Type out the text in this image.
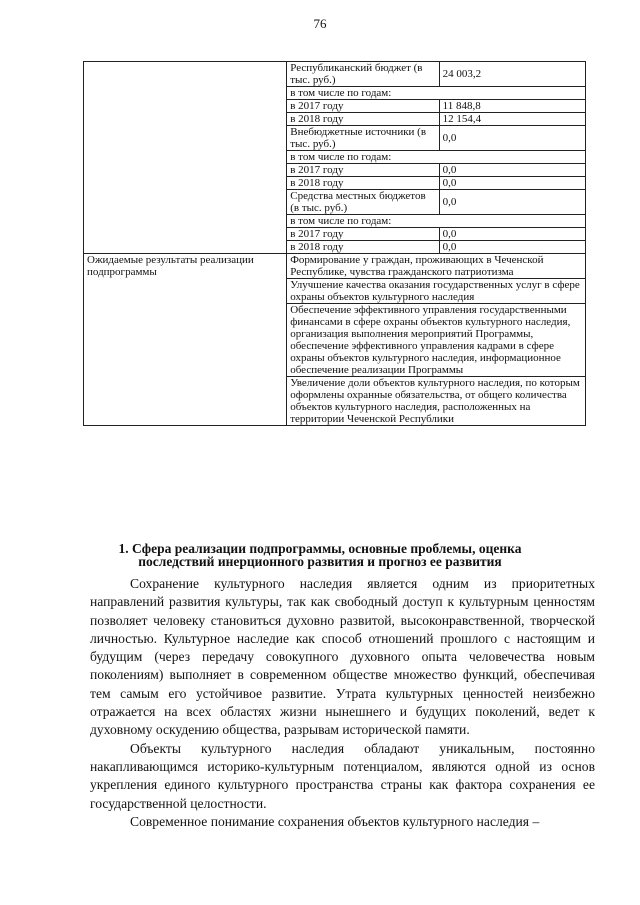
76
	Республиканский бюджет (в тыс. руб.)	24 003,2
	в том числе по годам:	
	в 2017 году	11 848,8
	в 2018 году	12 154,4
	Внебюджетные источники (в тыс. руб.)	0,0
	в том числе по годам:	
	в 2017 году	0,0
	в 2018 году	0,0
	Средства местных бюджетов (в тыс. руб.)	0,0
	в том числе по годам:	
	в 2017 году	0,0
	в 2018 году	0,0
Ожидаемые результаты реализации подпрограммы	Формирование у граждан, проживающих в Чеченской Республике, чувства гражданского патриотизма	
	Улучшение качества оказания государственных услуг в сфере охраны объектов культурного наследия	
	Обеспечение эффективного управления государственными финансами в сфере охраны объектов культурного наследия, организация выполнения мероприятий Программы, обеспечение эффективного управления кадрами в сфере охраны объектов культурного наследия, информационное обеспечение реализации Программы	
	Увеличение доли объектов культурного наследия, по которым оформлены охранные обязательства, от общего количества объектов культурного наследия, расположенных на территории Чеченской Республики	
1. Сфера реализации подпрограммы, основные проблемы, оценка последствий инерционного развития и прогноз ее развития

Сохранение культурного наследия является одним из приоритетных направлений развития культуры, так как свободный доступ к культурным ценностям позволяет человеку становиться духовно развитой, высоконравственной, творческой личностью. Культурное наследие как способ отношений прошлого с настоящим и будущим (через передачу совокупного духовного опыта человечества новым поколениям) выполняет в современном обществе множество функций, обеспечивая тем самым его устойчивое развитие. Утрата культурных ценностей неизбежно отражается на всех областях жизни нынешнего и будущих поколений, ведет к духовному оскудению общества, разрывам исторической памяти.

Объекты культурного наследия обладают уникальным, постоянно накапливающимся историко-культурным потенциалом, являются одной из основ укрепления единого культурного пространства страны как фактора сохранения ее государственной целостности.

Современное понимание сохранения объектов культурного наследия –
